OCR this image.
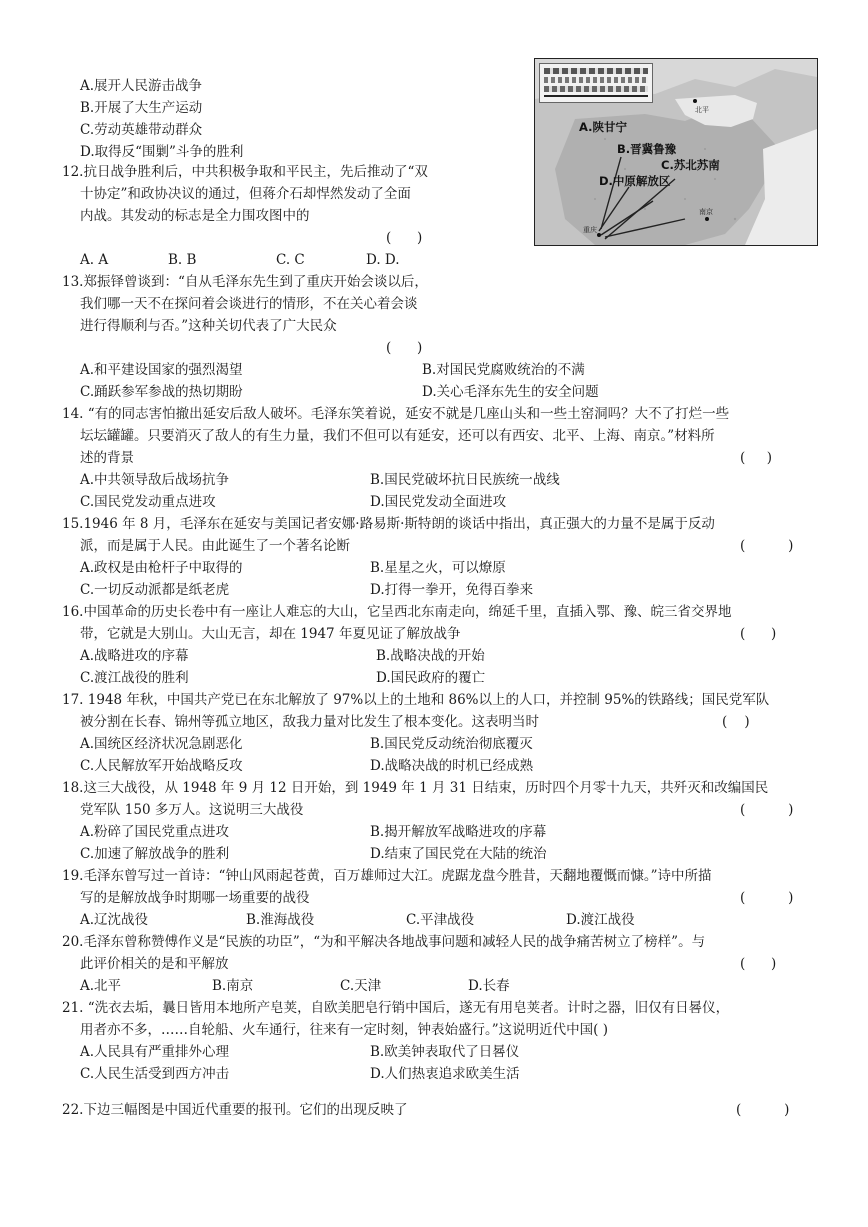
A.展开人民游击战争
B.开展了大生产运动
C.劳动英雄带动群众
D.取得反“围剿”斗争的胜利
北平
A.陕甘宁
B.晋冀鲁豫
C.苏北苏南
D.中原解放区
重庆
南京
12.抗日战争胜利后，中共积极争取和平民主，先后推动了“双
十协定”和政协决议的通过，但蒋介石却悍然发动了全面
内战。其发动的标志是全力围攻图中的
(      )
A. A	B. B	C. C	D. D.
13.郑振铎曾谈到：“自从毛泽东先生到了重庆开始会谈以后，
我们哪一天不在探问着会谈进行的情形，不在关心着会谈
进行得顺利与否。”这种关切代表了广大民众
(      )
A.和平建设国家的强烈渴望	B.对国民党腐败统治的不满
C.踊跃参军参战的热切期盼	D.关心毛泽东先生的安全问题
14. “有的同志害怕撤出延安后敌人破坏。毛泽东笑着说，延安不就是几座山头和一些土窑洞吗？大不了打烂一些
坛坛罐罐。只要消灭了敌人的有生力量，我们不但可以有延安，还可以有西安、北平、上海、南京。”材料所
述的背景	(     )
A.中共领导敌后战场抗争	B.国民党破坏抗日民族统一战线
C.国民党发动重点进攻	D.国民党发动全面进攻
15.1946 年 8 月，毛泽东在延安与美国记者安娜·路易斯·斯特朗的谈话中指出，真正强大的力量不是属于反动
派，而是属于人民。由此诞生了一个著名论断	(          )
A.政权是由枪杆子中取得的	B.星星之火，可以燎原
C.一切反动派都是纸老虎	D.打得一拳开，免得百拳来
16.中国革命的历史长卷中有一座让人难忘的大山，它呈西北东南走向，绵延千里，直插入鄂、豫、皖三省交界地
带，它就是大别山。大山无言，却在 1947 年夏见证了解放战争	(      )
A.战略进攻的序幕	B.战略决战的开始
C.渡江战役的胜利	D.国民政府的覆亡
17. 1948 年秋，中国共产党已在东北解放了 97%以上的土地和 86%以上的人口，并控制 95%的铁路线；国民党军队
被分割在长春、锦州等孤立地区，敌我力量对比发生了根本变化。这表明当时	(    )
A.国统区经济状况急剧恶化	B.国民党反动统治彻底覆灭
C.人民解放军开始战略反攻	D.战略决战的时机已经成熟
18.这三大战役，从 1948 年 9 月 12 日开始，到 1949 年 1 月 31 日结束，历时四个月零十九天，共歼灭和改编国民
党军队 150 多万人。这说明三大战役	(          )
A.粉碎了国民党重点进攻	B.揭开解放军战略进攻的序幕
C.加速了解放战争的胜利	D.结束了国民党在大陆的统治
19.毛泽东曾写过一首诗：“钟山风雨起苍黄，百万雄师过大江。虎踞龙盘今胜昔，天翻地覆慨而慷。”诗中所描
写的是解放战争时期哪一场重要的战役	(          )
A.辽沈战役	B.淮海战役	C.平津战役	D.渡江战役
20.毛泽东曾称赞傅作义是“民族的功臣”，“为和平解决各地战事问题和减轻人民的战争痛苦树立了榜样”。与
此评价相关的是和平解放	(      )
A.北平	B.南京	C.天津	D.长春
21. “洗衣去垢，曩日皆用本地所产皂荚，自欧美肥皂行销中国后，遂无有用皂荚者。计时之器，旧仅有日晷仪，
用者亦不多，……自轮船、火车通行，往来有一定时刻，钟表始盛行。”这说明近代中国( )
A.人民具有严重排外心理	B.欧美钟表取代了日晷仪
C.人民生活受到西方冲击	D.人们热衷追求欧美生活
22.下边三幅图是中国近代重要的报刊。它们的出现反映了	(          )
